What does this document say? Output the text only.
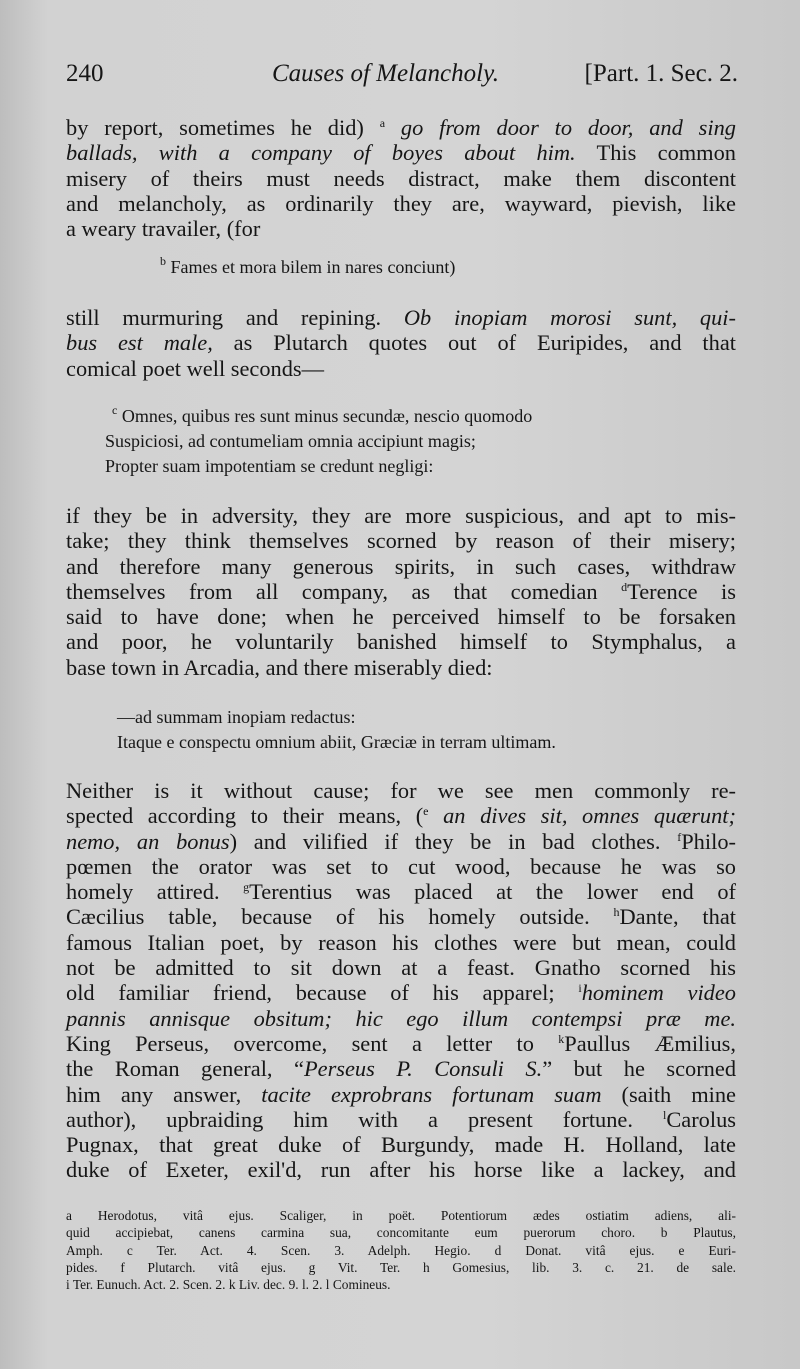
240	Causes of Melancholy.	[Part. 1. Sec. 2.
by report, sometimes he did) $^a$ go from door to door, and sing
ballads, with a company of boyes about him. This common
misery of theirs must needs distract, make them discontent
and melancholy, as ordinarily they are, wayward, pievish, like
a weary travailer, (for
$^b$ Fames et mora bilem in nares conciunt)
still murmuring and repining. Ob inopiam morosi sunt, qui-
bus est male, as Plutarch quotes out of Euripides, and that
comical poet well seconds—
$^c$ Omnes, quibus res sunt minus secundæ, nescio quomodo
Suspiciosi, ad contumeliam omnia accipiunt magis;
Propter suam impotentiam se credunt negligi:
if they be in adversity, they are more suspicious, and apt to mis-
take; they think themselves scorned by reason of their misery;
and therefore many generous spirits, in such cases, withdraw
themselves from all company, as that comedian $^d$Terence is
said to have done; when he perceived himself to be forsaken
and poor, he voluntarily banished himself to Stymphalus, a
base town in Arcadia, and there miserably died:
—ad summam inopiam redactus:
Itaque e conspectu omnium abiit, Græciæ in terram ultimam.
Neither is it without cause; for we see men commonly re-
spected according to their means, ($^e$ an dives sit, omnes quærunt;
nemo, an bonus) and vilified if they be in bad clothes. $^f$Philo-
pœmen the orator was set to cut wood, because he was so
homely attired. $^g$Terentius was placed at the lower end of
Cæcilius table, because of his homely outside. $^h$Dante, that
famous Italian poet, by reason his clothes were but mean, could
not be admitted to sit down at a feast. Gnatho scorned his
old familiar friend, because of his apparel; $^i$hominem video
pannis annisque obsitum; hic ego illum contempsi præ me.
King Perseus, overcome, sent a letter to $^k$Paullus Æmilius,
the Roman general, “Perseus P. Consuli S.” but he scorned
him any answer, tacite exprobrans fortunam suam (saith mine
author), upbraiding him with a present fortune. $^l$Carolus
Pugnax, that great duke of Burgundy, made H. Holland, late
duke of Exeter, exil'd, run after his horse like a lackey, and
a Herodotus, vitâ ejus. Scaliger, in poët. Potentiorum ædes ostiatim adiens, ali-
quid accipiebat, canens carmina sua, concomitante eum puerorum choro. b Plautus,
Amph. c Ter. Act. 4. Scen. 3. Adelph. Hegio. d Donat. vitâ ejus. e Euri-
pides. f Plutarch. vitâ ejus. g Vit. Ter. h Gomesius, lib. 3. c. 21. de sale.
i Ter. Eunuch. Act. 2. Scen. 2. k Liv. dec. 9. l. 2. l Comineus.
